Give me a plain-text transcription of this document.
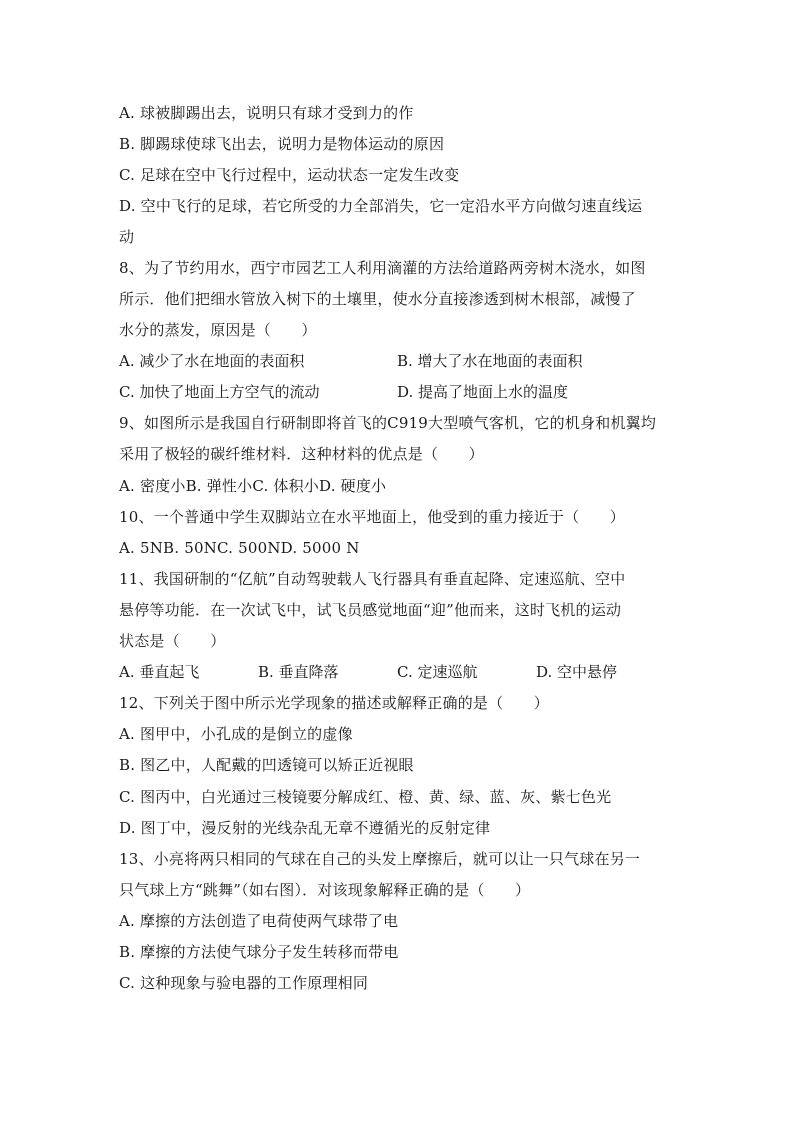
A. 球被脚踢出去，说明只有球才受到力的作
B. 脚踢球使球飞出去，说明力是物体运动的原因
C. 足球在空中飞行过程中，运动状态一定发生改变
D. 空中飞行的足球，若它所受的力全部消失，它一定沿水平方向做匀速直线运
动
8、为了节约用水，西宁市园艺工人利用滴灌的方法给道路两旁树木浇水，如图
所示．他们把细水管放入树下的土壤里，使水分直接渗透到树木根部，减慢了
水分的蒸发，原因是（　　）
A. 减少了水在地面的表面积	B. 增大了水在地面的表面积
C. 加快了地面上方空气的流动	D. 提高了地面上水的温度
9、如图所示是我国自行研制即将首飞的C919大型喷气客机，它的机身和机翼均
采用了极轻的碳纤维材料．这种材料的优点是（　　）
A. 密度小B. 弹性小C. 体积小D. 硬度小
10、一个普通中学生双脚站立在水平地面上，他受到的重力接近于（　　）
A. 5NB. 50NC. 500ND. 5000 N
11、我国研制的“亿航”自动驾驶载人飞行器具有垂直起降、定速巡航、空中
悬停等功能．在一次试飞中，试飞员感觉地面“迎”他而来，这时飞机的运动
状态是（　　）
A. 垂直起飞	B. 垂直降落	C. 定速巡航	D. 空中悬停
12、下列关于图中所示光学现象的描述或解释正确的是（　　）
A. 图甲中，小孔成的是倒立的虚像
B. 图乙中，人配戴的凹透镜可以矫正近视眼
C. 图丙中，白光通过三棱镜要分解成红、橙、黄、绿、蓝、灰、紫七色光
D. 图丁中，漫反射的光线杂乱无章不遵循光的反射定律
13、小亮将两只相同的气球在自己的头发上摩擦后，就可以让一只气球在另一
只气球上方“跳舞”（如右图）．对该现象解释正确的是（　　）
A. 摩擦的方法创造了电荷使两气球带了电
B. 摩擦的方法使气球分子发生转移而带电
C. 这种现象与验电器的工作原理相同
